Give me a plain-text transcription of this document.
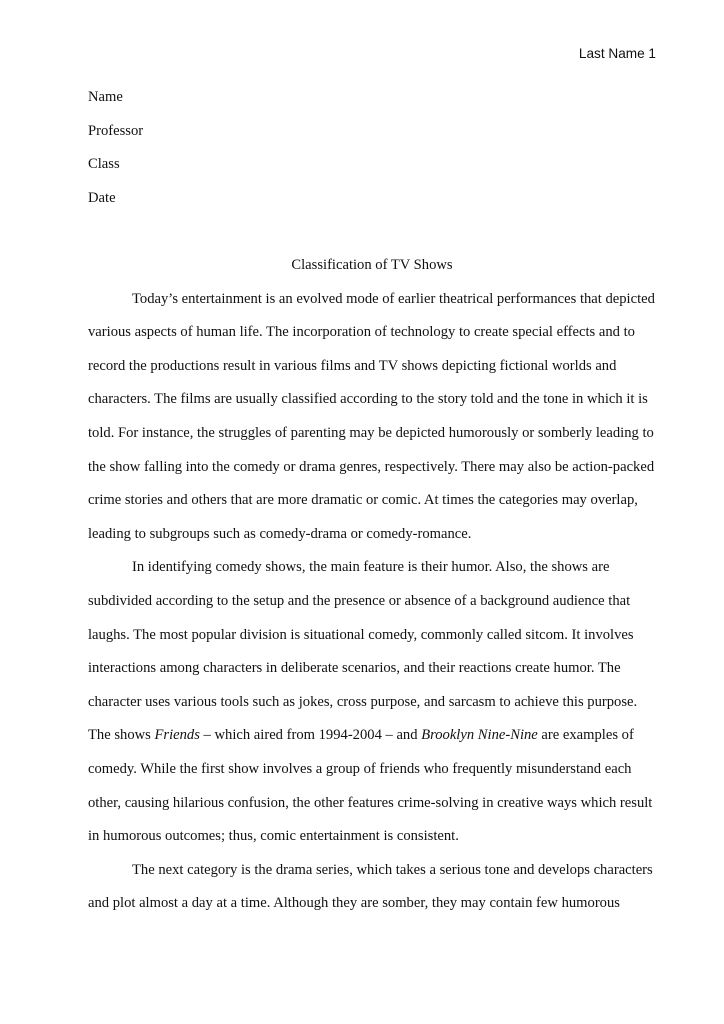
Last Name 1
Name
Professor
Class
Date
Classification of TV Shows
Today’s entertainment is an evolved mode of earlier theatrical performances that depicted
various aspects of human life. The incorporation of technology to create special effects and to
record the productions result in various films and TV shows depicting fictional worlds and
characters. The films are usually classified according to the story told and the tone in which it is
told. For instance, the struggles of parenting may be depicted humorously or somberly leading to
the show falling into the comedy or drama genres, respectively. There may also be action-packed
crime stories and others that are more dramatic or comic. At times the categories may overlap,
leading to subgroups such as comedy-drama or comedy-romance.
In identifying comedy shows, the main feature is their humor. Also, the shows are
subdivided according to the setup and the presence or absence of a background audience that
laughs. The most popular division is situational comedy, commonly called sitcom. It involves
interactions among characters in deliberate scenarios, and their reactions create humor. The
character uses various tools such as jokes, cross purpose, and sarcasm to achieve this purpose.
The shows Friends – which aired from 1994-2004 – and Brooklyn Nine-Nine are examples of
comedy. While the first show involves a group of friends who frequently misunderstand each
other, causing hilarious confusion, the other features crime-solving in creative ways which result
in humorous outcomes; thus, comic entertainment is consistent.
The next category is the drama series, which takes a serious tone and develops characters
and plot almost a day at a time. Although they are somber, they may contain few humorous
